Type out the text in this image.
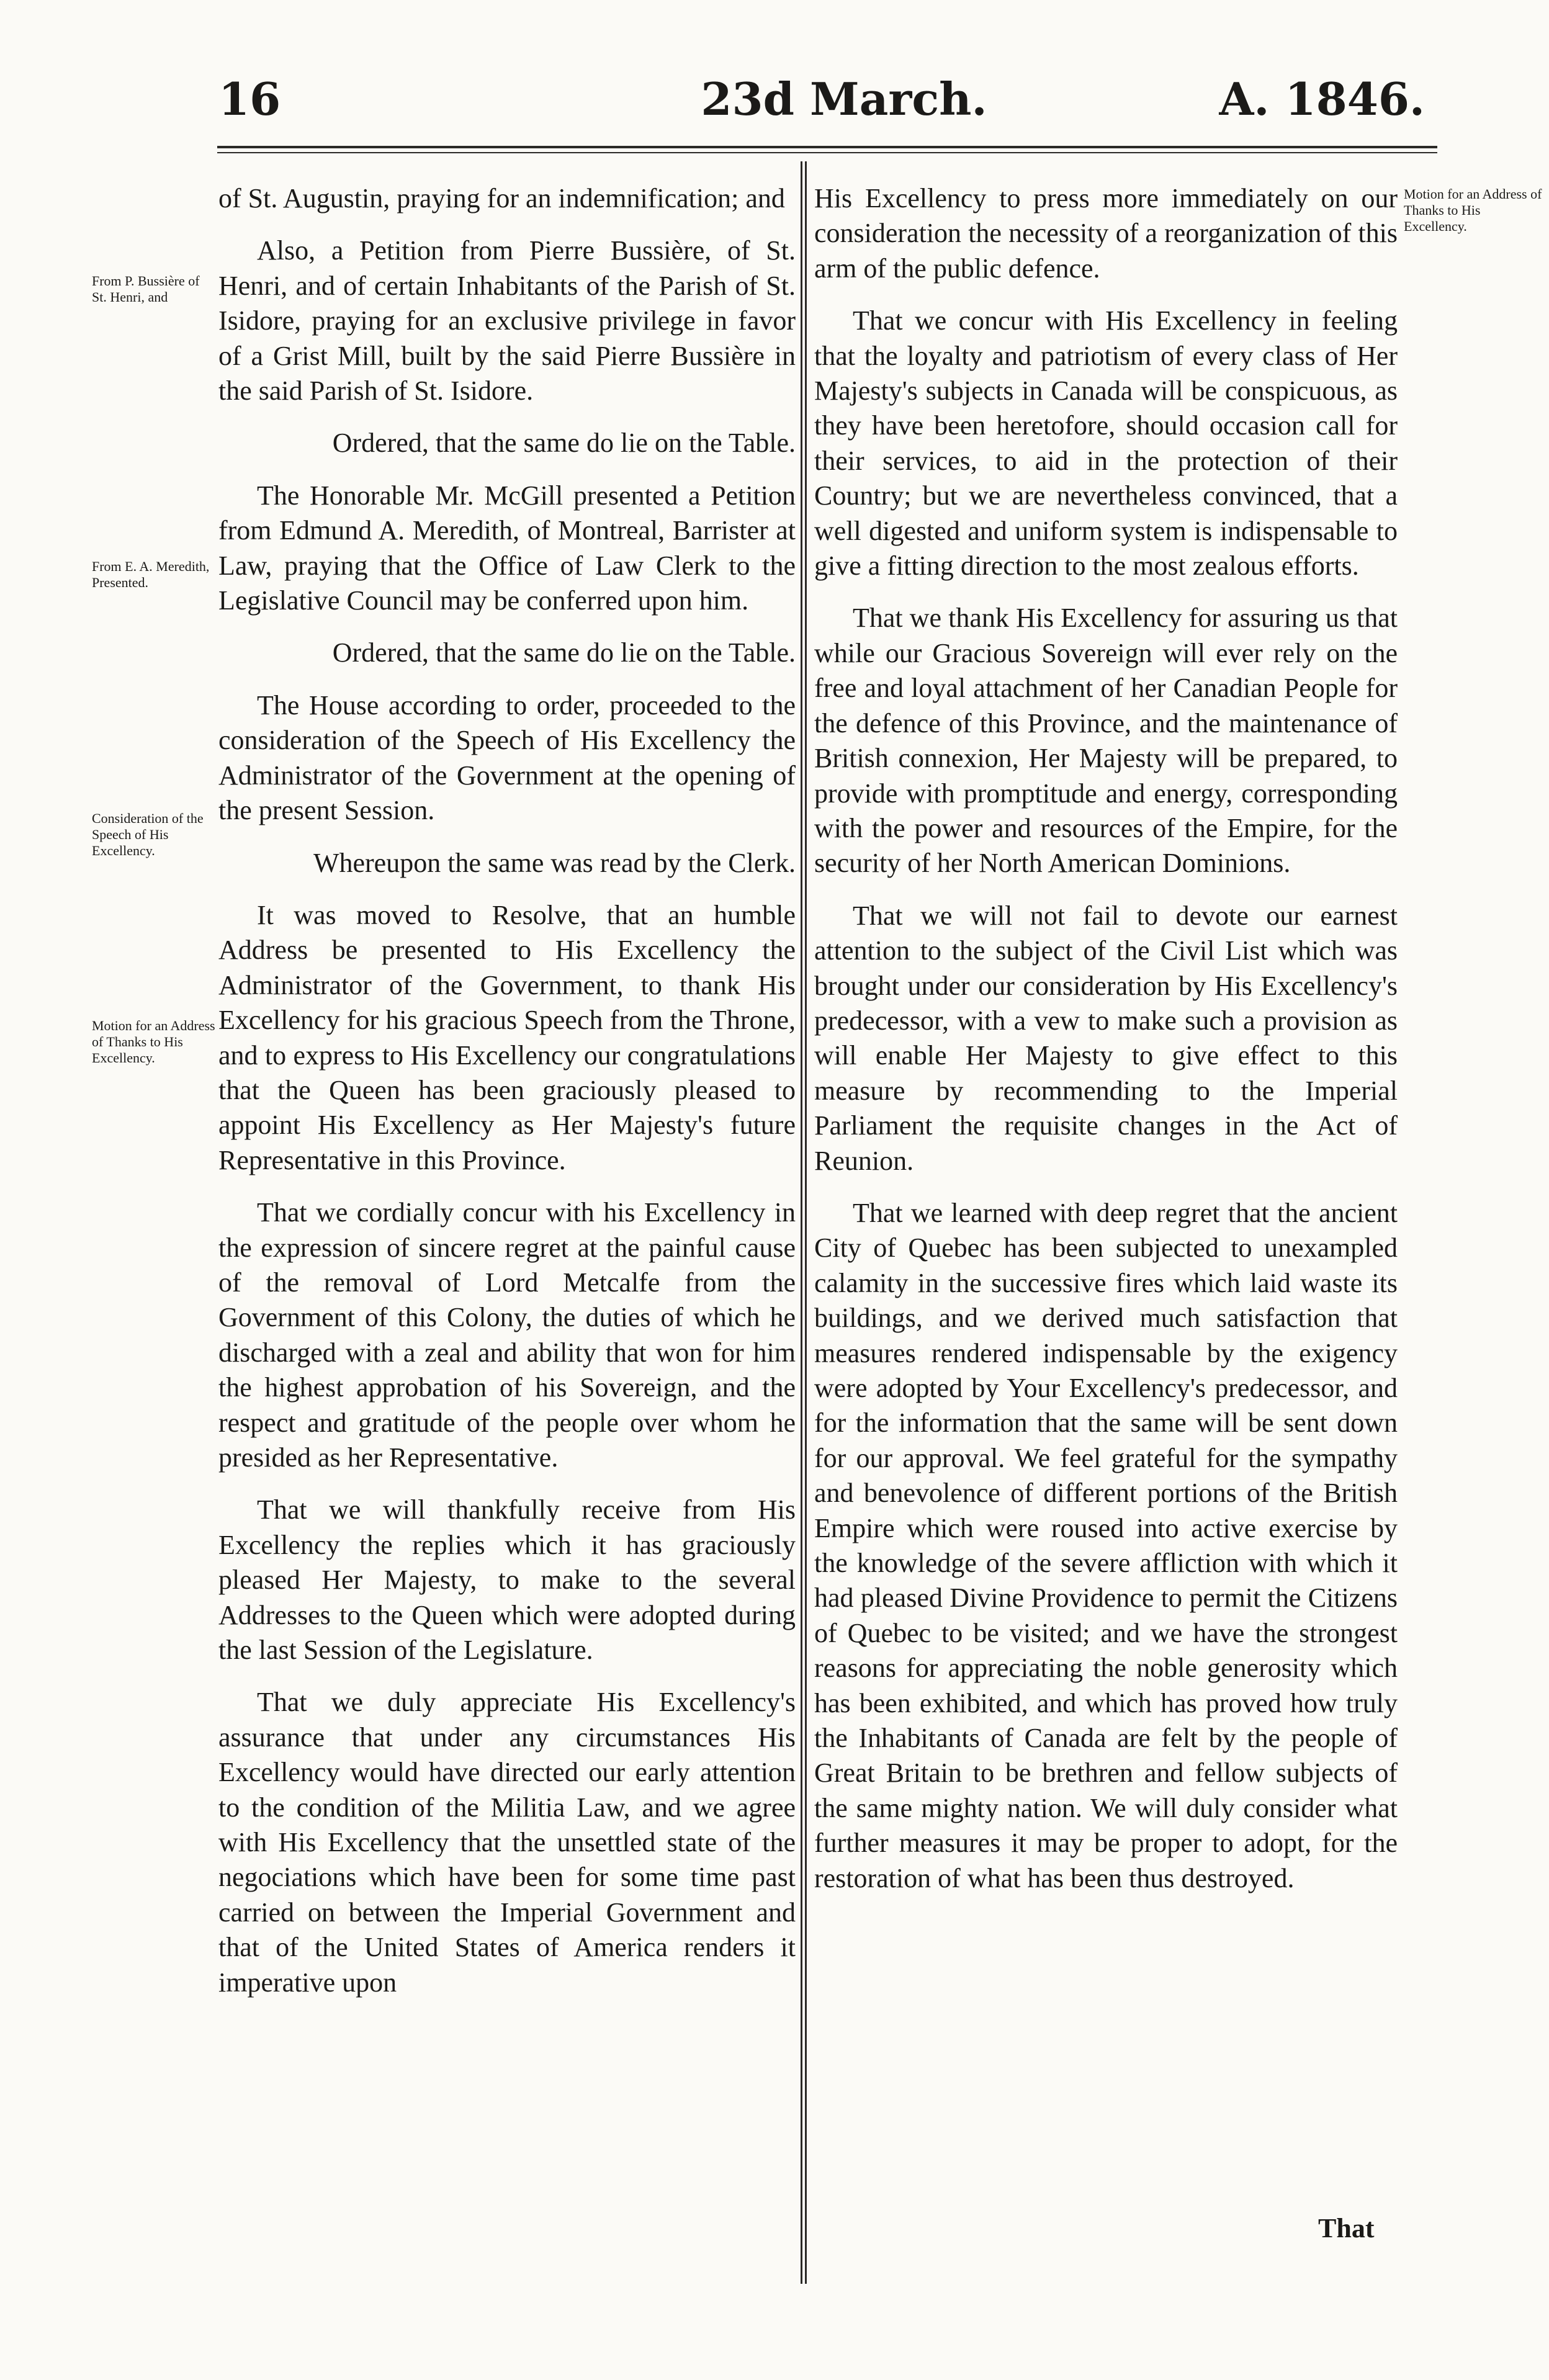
16	23d March.	A. 1846.
From P. Bussière of St. Henri, and
From E. A. Meredith, Presented.
Consideration of the Speech of His Excellency.
Motion for an Address of Thanks to His Excellency.
Motion for an Address of Thanks to His Excellency.

of St. Augustin, praying for an indemnification; and

Also, a Petition from Pierre Bussière, of St. Henri, and of certain Inhabitants of the Parish of St. Isidore, praying for an exclusive privilege in favor of a Grist Mill, built by the said Pierre Bussière in the said Parish of St. Isidore.

Ordered, that the same do lie on the Table.

The Honorable Mr. McGill presented a Petition from Edmund A. Meredith, of Montreal, Barrister at Law, praying that the Office of Law Clerk to the Legislative Council may be conferred upon him.

Ordered, that the same do lie on the Table.

The House according to order, proceeded to the consideration of the Speech of His Excellency the Administrator of the Government at the opening of the present Session.

Whereupon the same was read by the Clerk.

It was moved to Resolve, that an humble Address be presented to His Excellency the Administrator of the Government, to thank His Excellency for his gracious Speech from the Throne, and to express to His Excellency our congratulations that the Queen has been graciously pleased to appoint His Excellency as Her Majesty's future Representative in this Province.

That we cordially concur with his Excellency in the expression of sincere regret at the painful cause of the removal of Lord Metcalfe from the Government of this Colony, the duties of which he discharged with a zeal and ability that won for him the highest approbation of his Sovereign, and the respect and gratitude of the people over whom he presided as her Representative.

That we will thankfully receive from His Excellency the replies which it has graciously pleased Her Majesty, to make to the several Addresses to the Queen which were adopted during the last Session of the Legislature.

That we duly appreciate His Excellency's assurance that under any circumstances His Excellency would have directed our early attention to the condition of the Militia Law, and we agree with His Excellency that the unsettled state of the negociations which have been for some time past carried on between the Imperial Government and that of the United States of America renders it imperative upon

His Excellency to press more immediately on our consideration the necessity of a reorganization of this arm of the public defence.

That we concur with His Excellency in feeling that the loyalty and patriotism of every class of Her Majesty's subjects in Canada will be conspicuous, as they have been heretofore, should occasion call for their services, to aid in the protection of their Country; but we are nevertheless convinced, that a well digested and uniform system is indispensable to give a fitting direction to the most zealous efforts.

That we thank His Excellency for assuring us that while our Gracious Sovereign will ever rely on the free and loyal attachment of her Canadian People for the defence of this Province, and the maintenance of British connexion, Her Majesty will be prepared, to provide with promptitude and energy, corresponding with the power and resources of the Empire, for the security of her North American Dominions.

That we will not fail to devote our earnest attention to the subject of the Civil List which was brought under our consideration by His Excellency's predecessor, with a vew to make such a provision as will enable Her Majesty to give effect to this measure by recommending to the Imperial Parliament the requisite changes in the Act of Reunion.

That we learned with deep regret that the ancient City of Quebec has been subjected to unexampled calamity in the successive fires which laid waste its buildings, and we derived much satisfaction that measures rendered indispensable by the exigency were adopted by Your Excellency's predecessor, and for the information that the same will be sent down for our approval. We feel grateful for the sympathy and benevolence of different portions of the British Empire which were roused into active exercise by the knowledge of the severe affliction with which it had pleased Divine Providence to permit the Citizens of Quebec to be visited; and we have the strongest reasons for appreciating the noble generosity which has been exhibited, and which has proved how truly the Inhabitants of Canada are felt by the people of Great Britain to be brethren and fellow subjects of the same mighty nation. We will duly consider what further measures it may be proper to adopt, for the restoration of what has been thus destroyed.

That
